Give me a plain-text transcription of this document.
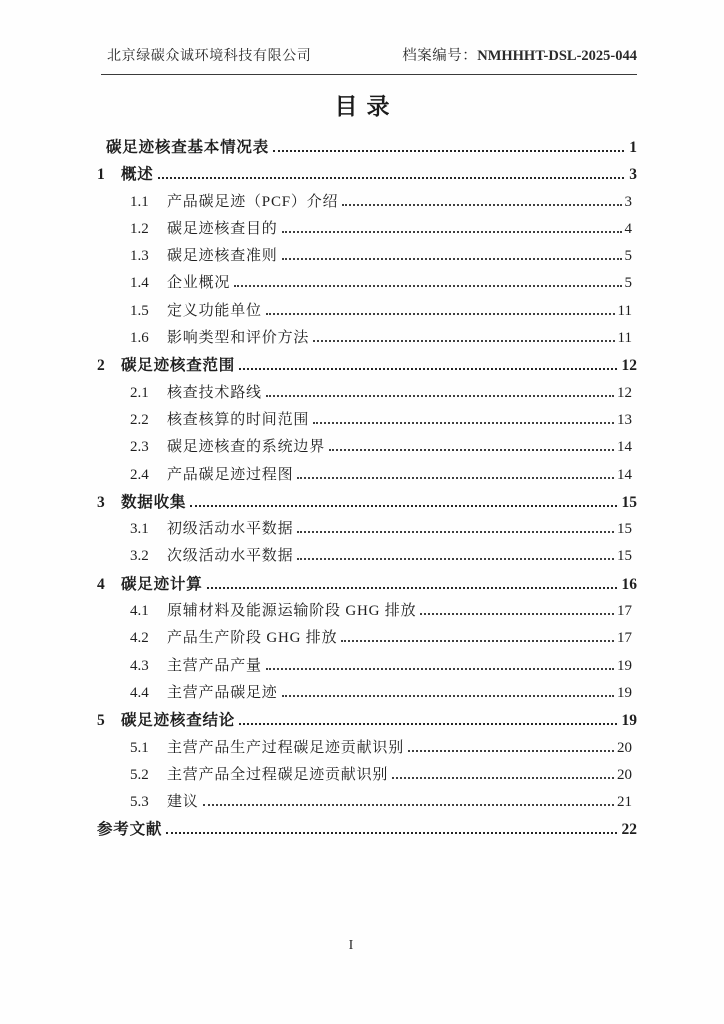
北京绿碳众诚环境科技有限公司	档案编号：NMHHHT-DSL-2025-044
目录
碳足迹核查基本情况表	1
1	概述	3
1.1	产品碳足迹（PCF）介绍	3
1.2	碳足迹核查目的	4
1.3	碳足迹核查准则	5
1.4	企业概况	5
1.5	定义功能单位	11
1.6	影响类型和评价方法	11
2	碳足迹核查范围	12
2.1	核查技术路线	12
2.2	核查核算的时间范围	13
2.3	碳足迹核查的系统边界	14
2.4	产品碳足迹过程图	14
3	数据收集	15
3.1	初级活动水平数据	15
3.2	次级活动水平数据	15
4	碳足迹计算	16
4.1	原辅材料及能源运输阶段 GHG 排放	17
4.2	产品生产阶段 GHG 排放	17
4.3	主营产品产量	19
4.4	主营产品碳足迹	19
5	碳足迹核查结论	19
5.1	主营产品生产过程碳足迹贡献识别	20
5.2	主营产品全过程碳足迹贡献识别	20
5.3	建议	21
参考文献	22
I
